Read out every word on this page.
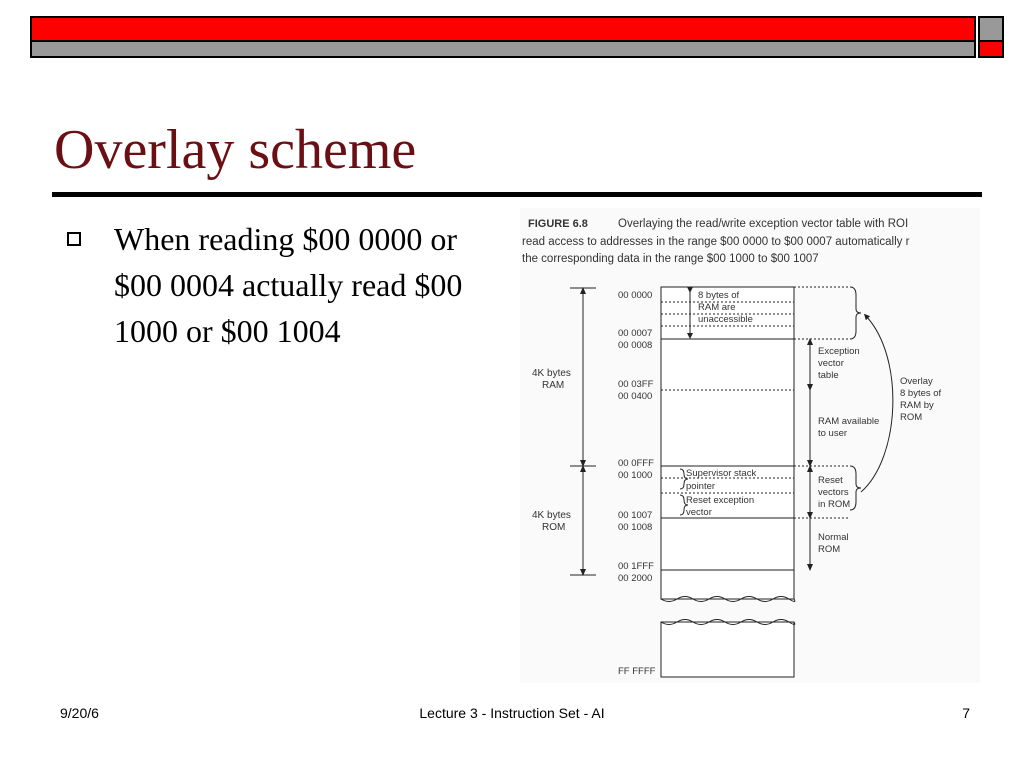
Overlay scheme

When reading $00 0000 or $00 0004 actually read $00 1000 or $00 1004

FIGURE 6.8	Overlaying the read/write exception vector table with ROI
read access to addresses in the range $00 0000 to $00 0007 automatically r
the corresponding data in the range $00 1000 to $00 1007
4K bytes
RAM
4K bytes
ROM
00 0000
00 0007
00 0008
00 03FF
00 0400
00 0FFF
00 1000
00 1007
00 1008
00 1FFF
00 2000
FF FFFF
8 bytes of
RAM are
unaccessible
Supervisor stack
pointer
Reset exception
vector
Exception
vector
table
RAM available
to user
Reset
vectors
in ROM
Normal
ROM
Overlay
8 bytes of
RAM by
ROM
9/20/6	Lecture 3 - Instruction Set - AI	7
